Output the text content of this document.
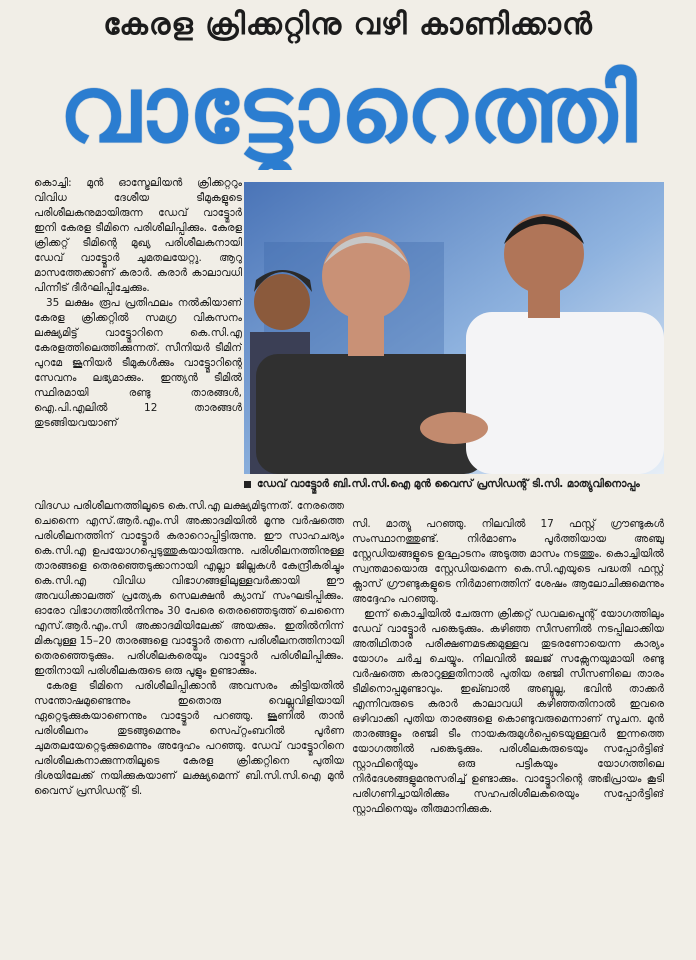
കേരള ക്രിക്കറ്റിനു വഴി കാണിക്കാൻ
വാട്ട്മോറെത്തി
ഡേവ് വാട്ട്മോർ ബി.സി.സി.ഐ മുൻ വൈസ് പ്രസിഡന്റ് ടി.സി. മാത്യുവിനൊപ്പം

കൊച്ചി: മുൻ ഓസ്ട്രേലിയൻ ക്രിക്കറ്ററും വിവിധ ദേശീയ ടീമുകളുടെ പരിശീലകനുമായിരുന്ന ഡേവ് വാട്ട്മോർ ഇനി കേരള ടീമിനെ പരിശീലിപ്പിക്കും. കേരള ക്രിക്കറ്റ് ടീമിന്റെ മുഖ്യ പരിശീലകനായി ഡേവ് വാട്ട്മോർ ചുമതലയേറ്റു. ആറു മാസത്തേക്കാണ് കരാർ. കരാർ കാലാവധി പിന്നീട് ദീർഘിപ്പിച്ചേക്കും.

35 ലക്ഷം രൂപ പ്രതിഫലം നൽകിയാണ് കേരള ക്രിക്കറ്റിൽ സമഗ്ര വികസനം ലക്ഷ്യമിട്ട് വാട്ട്മോറിനെ കെ.സി.എ കേരളത്തിലെത്തിക്കുന്നത്. സീനിയർ ടീമിന് പുറമേ ജൂനിയർ ടീമുകൾക്കും വാട്ട്മോറിന്റെ സേവനം ലഭ്യമാക്കും. ഇന്ത്യൻ ടീമിൽ സ്ഥിരമായി രണ്ടു താരങ്ങൾ, ഐ.പി.എലിൽ 12 താരങ്ങൾ തുടങ്ങിയവയാണ്

വിദഗ്ധ പരിശീലനത്തിലൂടെ കെ.സി.എ ലക്ഷ്യമിടുന്നത്. നേരത്തെ ചെന്നൈ എസ്.ആർ.എം.സി അക്കാദമിയിൽ മൂന്നു വർഷത്തെ പരിശീലനത്തിന് വാട്ട്മോർ കരാറൊപ്പിട്ടിരുന്നു. ഈ സാഹചര്യം കെ.സി.എ ഉപയോഗപ്പെടുത്തുകയായിരുന്നു. പരിശീലനത്തിനുള്ള താരങ്ങളെ തെരഞ്ഞെടുക്കാനായി എല്ലാ ജില്ലകൾ കേന്ദ്രീകരിച്ചും കെ.സി.എ വിവിധ വിഭാഗങ്ങളിലുള്ളവർക്കായി ഈ അവധിക്കാലത്ത് പ്രത്യേക സെലക്ഷൻ ക്യാമ്പ് സംഘടിപ്പിക്കും. ഓരോ വിഭാഗത്തിൽനിന്നും 30 പേരെ തെരഞ്ഞെടുത്ത് ചെന്നൈ എസ്.ആർ.എം.സി അക്കാദമിയിലേക്ക് അയക്കും. ഇതിൽനിന്ന് മികവുള്ള 15–20 താരങ്ങളെ വാട്ട്മോർ തന്നെ പരിശീലനത്തിനായി തെരഞ്ഞെടുക്കും. പരിശീലകരെയും വാട്ട്മോർ പരിശീലിപ്പിക്കും. ഇതിനായി പരിശീലകരുടെ ഒരു പൂളും ഉണ്ടാക്കും.

കേരള ടീമിനെ പരിശീലിപ്പിക്കാൻ അവസരം കിട്ടിയതിൽ സന്തോഷമുണ്ടെന്നും ഇതൊരു വെല്ലുവിളിയായി ഏറ്റെടുക്കുകയാണെന്നും വാട്ട്മോർ പറഞ്ഞു. ജൂണിൽ താൻ പരിശീലനം തുടങ്ങുമെന്നും സെപ്റ്റംബറിൽ പൂർണ ചുമതലയേറ്റെടുക്കുമെന്നും അദ്ദേഹം പറഞ്ഞു. ഡേവ് വാട്ട്മോറിനെ പരിശീലകനാക്കുന്നതിലൂടെ കേരള ക്രിക്കറ്റിനെ പുതിയ ദിശയിലേക്ക് നയിക്കുകയാണ് ലക്ഷ്യമെന്ന് ബി.സി.സി.ഐ മുൻ വൈസ് പ്രസിഡന്റ് ടി.

സി. മാത്യു പറഞ്ഞു. നിലവിൽ 17 ഫസ്റ്റ് ഗ്രൗണ്ടുകൾ സംസ്ഥാനത്തുണ്ട്. നിർമാണം പൂർത്തിയായ അഞ്ചു സ്റ്റേഡിയങ്ങളുടെ ഉദ്ഘാടനം അടുത്ത മാസം നടത്തും. കൊച്ചിയിൽ സ്വന്തമായൊരു സ്റ്റേഡിയമെന്ന കെ.സി.എയുടെ പദ്ധതി ഫസ്റ്റ് ക്ലാസ് ഗ്രൗണ്ടുകളുടെ നിർമാണത്തിന് ശേഷം ആലോചിക്കുമെന്നും അദ്ദേഹം പറഞ്ഞു.

ഇന്ന് കൊച്ചിയിൽ ചേരുന്ന ക്രിക്കറ്റ് ഡവലപ്മെന്റ് യോഗത്തിലും ഡേവ് വാട്ട്മോർ പങ്കെടുക്കും. കഴിഞ്ഞ സീസണിൽ നടപ്പിലാക്കിയ അതിഥിതാര പരീക്ഷണമടക്കമുള്ളവ തുടരണോയെന്ന കാര്യം യോഗം ചർച്ച ചെയ്യും. നിലവിൽ ജലജ് സക്സേനയുമായി രണ്ടു വർഷത്തെ കരാറുള്ളതിനാൽ പുതിയ രഞ്ജി സീസണിലെ താരം ടീമിനൊപ്പമുണ്ടാവും. ഇഖ്ബാൽ അബ്ദുല്ല, ഭവിൻ താക്കർ എന്നിവരുടെ കരാർ കാലാവധി കഴിഞ്ഞതിനാൽ ഇവരെ ഒഴിവാക്കി പുതിയ താരങ്ങളെ കൊണ്ടുവരുമെന്നാണ് സൂചന. മുൻ താരങ്ങളും രഞ്ജി ടീം നായകരുമുൾപ്പെടെയുള്ളവർ ഇന്നത്തെ യോഗത്തിൽ പങ്കെടുക്കും. പരിശീലകരുടെയും സപ്പോർട്ടിങ് സ്റ്റാഫിന്റെയും ഒരു പട്ടികയും യോഗത്തിലെ നിർദേശങ്ങളുമനുസരിച്ച് ഉണ്ടാക്കും. വാട്ട്മോറിന്റെ അഭിപ്രായം കൂടി പരിഗണിച്ചായിരിക്കും സഹപരിശീലകരെയും സപ്പോർട്ടിങ് സ്റ്റാഫിനെയും തീരുമാനിക്കുക.
